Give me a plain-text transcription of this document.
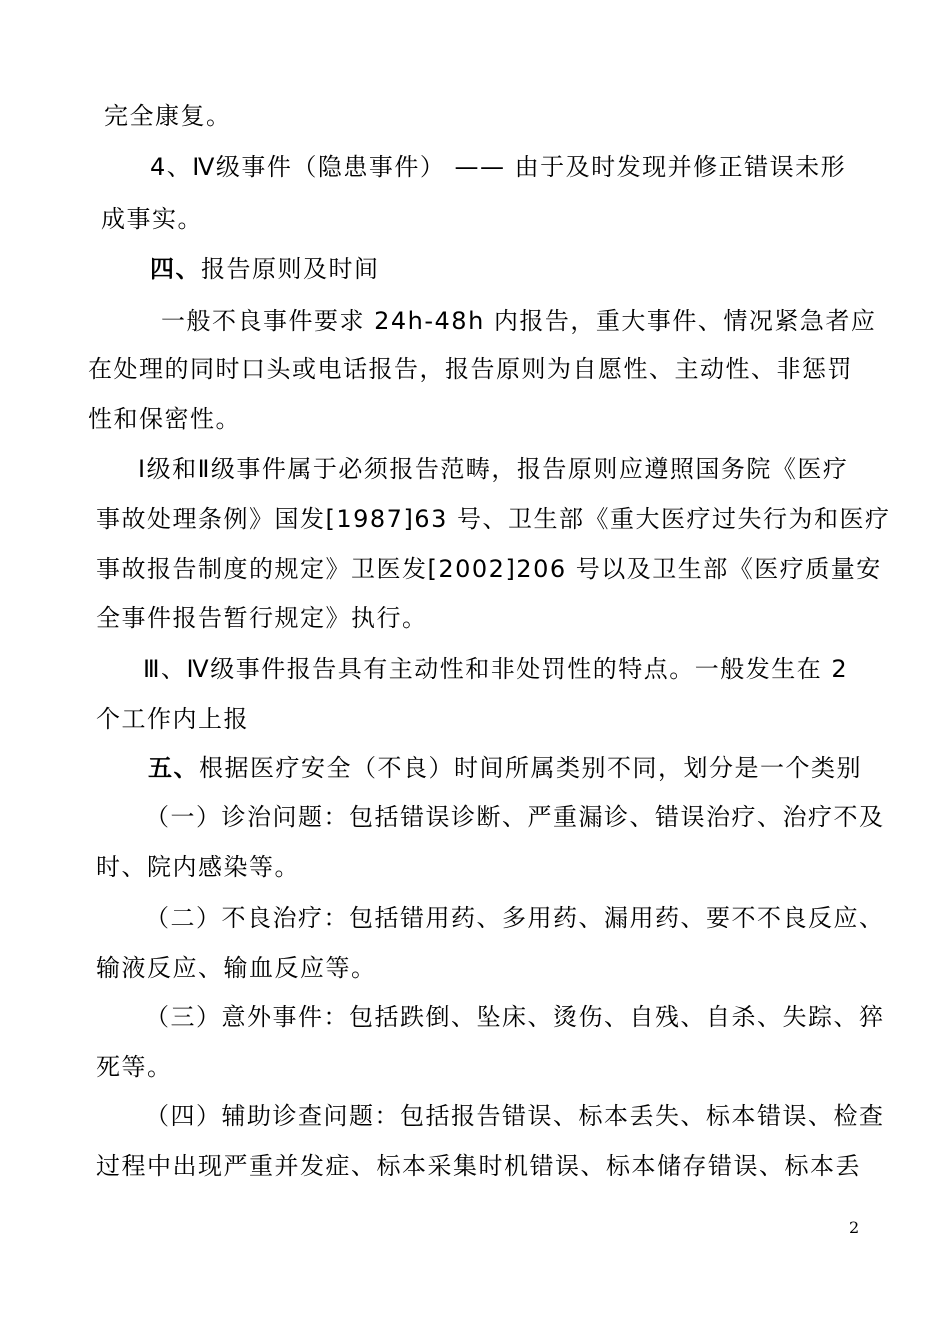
完全康复。
4、Ⅳ级事件（隐患事件） —— 由于及时发现并修正错误未形
成事实。
四、报告原则及时间
一般不良事件要求 24h-48h 内报告，重大事件、情况紧急者应
在处理的同时口头或电话报告，报告原则为自愿性、主动性、非惩罚
性和保密性。
Ⅰ级和Ⅱ级事件属于必须报告范畴，报告原则应遵照国务院《医疗
事故处理条例》国发[1987]63 号、卫生部《重大医疗过失行为和医疗
事故报告制度的规定》卫医发[2002]206 号以及卫生部《医疗质量安
全事件报告暂行规定》执行。
Ⅲ、Ⅳ级事件报告具有主动性和非处罚性的特点。一般发生在 2
个工作内上报
五、根据医疗安全（不良）时间所属类别不同，划分是一个类别
（一）诊治问题：包括错误诊断、严重漏诊、错误治疗、治疗不及
时、院内感染等。
（二）不良治疗：包括错用药、多用药、漏用药、要不不良反应、
输液反应、输血反应等。
（三）意外事件：包括跌倒、坠床、烫伤、自残、自杀、失踪、猝
死等。
（四）辅助诊查问题：包括报告错误、标本丢失、标本错误、检查
过程中出现严重并发症、标本采集时机错误、标本储存错误、标本丢
2
